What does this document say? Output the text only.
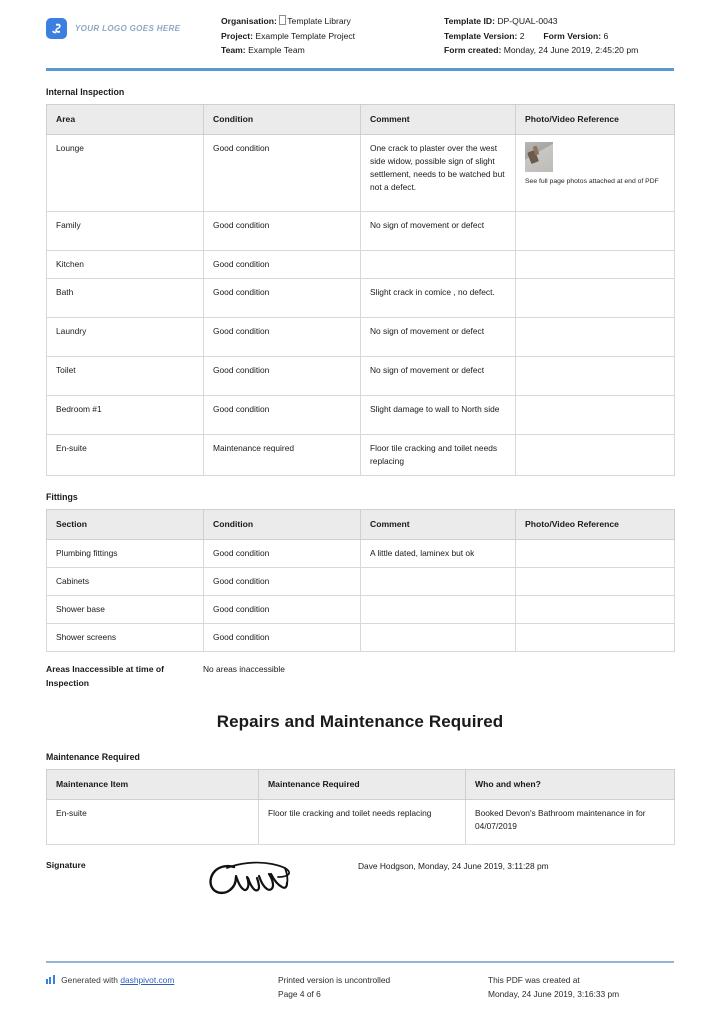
YOUR LOGO GOES HERE
Organisation: Template Library
Project: Example Template Project
Team: Example Team
Template ID: DP-QUAL-0043
Template Version: 2 Form Version: 6
Form created: Monday, 24 June 2019, 2:45:20 pm
Internal Inspection
Area	Condition	Comment	Photo/Video Reference
Lounge	Good condition	One crack to plaster over the west side widow, possible sign of slight settlement, needs to be watched but not a defect.	See full page photos attached at end of PDF

Family	Good condition	No sign of movement or defect	
Kitchen	Good condition		
Bath	Good condition	Slight crack in comice , no defect.	
Laundry	Good condition	No sign of movement or defect	
Toilet	Good condition	No sign of movement or defect	
Bedroom #1	Good condition	Slight damage to wall to North side	
En-suite	Maintenance required	Floor tile cracking and toilet needs replacing	
Fittings
Section	Condition	Comment	Photo/Video Reference
Plumbing fittings	Good condition	A little dated, laminex but ok	
Cabinets	Good condition		
Shower base	Good condition		
Shower screens	Good condition		
Areas Inaccessible at time of Inspection
No areas inaccessible
Repairs and Maintenance Required
Maintenance Required
Maintenance Item	Maintenance Required	Who and when?
En-suite	Floor tile cracking and toilet needs replacing	Booked Devon's Bathroom maintenance in for 04/07/2019
Signature	Dave Hodgson, Monday, 24 June 2019, 3:11:28 pm
Generated with
dashpivot.com	Printed version is uncontrolled
Page 4 of 6
This PDF was created at
Monday, 24 June 2019, 3:16:33 pm
